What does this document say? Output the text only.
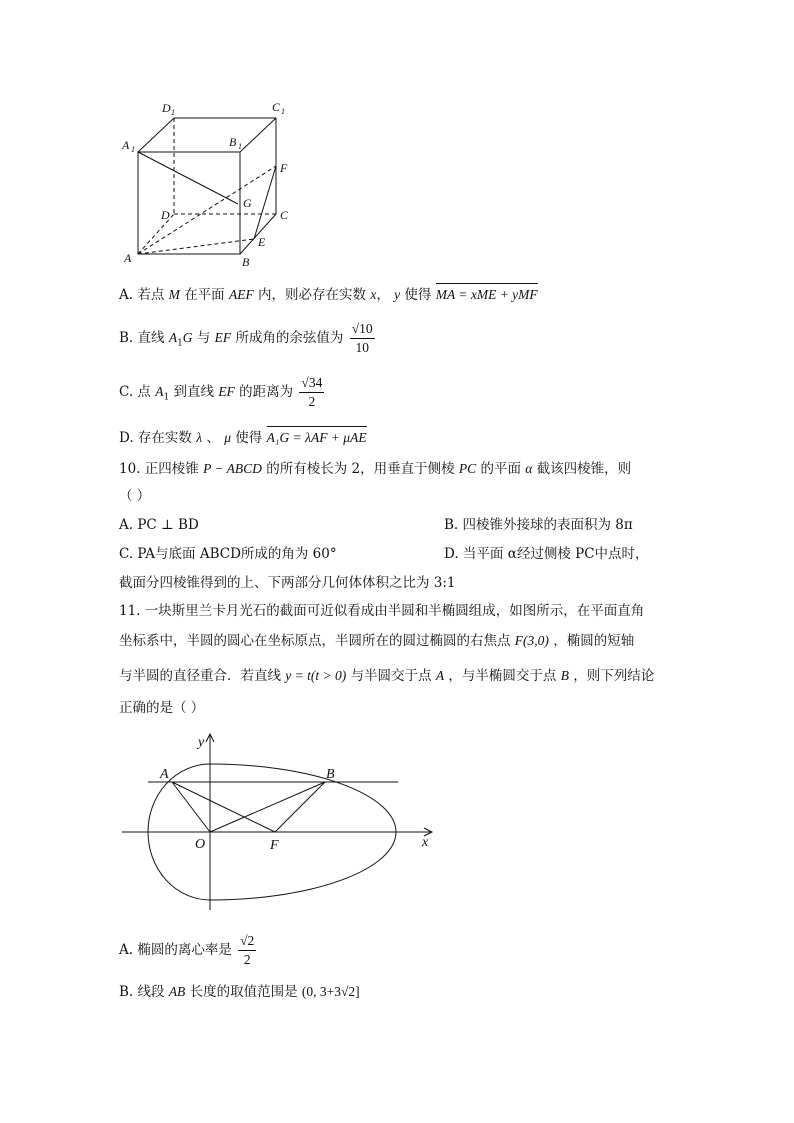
D 1	C 1
A 1
B 1
F
G
D	C
A
E
B
A. 若点 M 在平面 AEF 内，则必存在实数 x， y 使得 MA = xME + yMF
B. 直线 $A_1G$ 与 EF 所成角的余弦值为 $\frac{√10}{10}$
C. 点 $A_1$ 到直线 EF 的距离为 $\frac{√34}{2}$
D. 存在实数 λ 、 μ 使得 A₁G = λAF + μAE
10. 正四棱锥 P − ABCD 的所有棱长为 2，用垂直于侧棱 PC 的平面 α 截该四棱锥，则
（ ）
A. PC ⊥ BD	B. 四棱锥外接球的表面积为 8π
C. PA与底面 ABCD所成的角为 60°	D. 当平面 α经过侧棱 PC中点时，
截面分四棱锥得到的上、下两部分几何体体积之比为 3:1
11. 一块斯里兰卡月光石的截面可近似看成由半圆和半椭圆组成，如图所示，在平面直角
坐标系中，半圆的圆心在坐标原点，半圆所在的圆过椭圆的右焦点 F(3,0) ，椭圆的短轴
与半圆的直径重合．若直线 y = t(t > 0) 与半圆交于点 A ，与半椭圆交于点 B ，则下列结论
正确的是（ ）
y
x
A	B
O	F
A. 椭圆的离心率是 $\frac{√2}{2}$
B. 线段 AB 长度的取值范围是 (0, 3+3√2]
